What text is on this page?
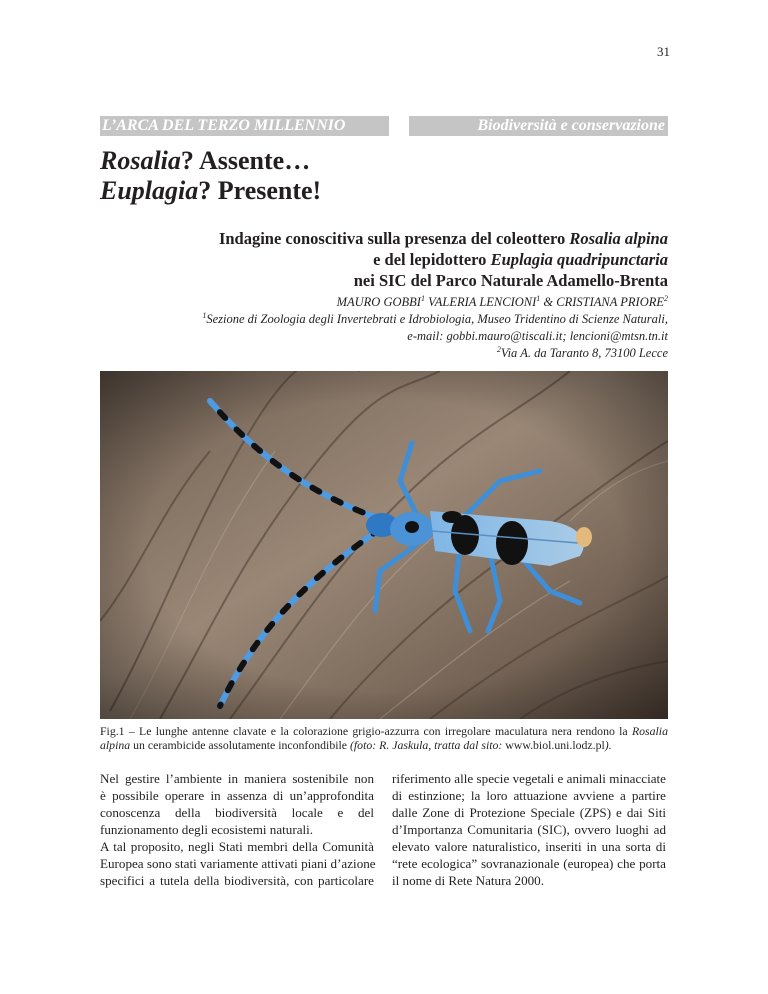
31
L’ARCA DEL TERZO MILLENNIO	Biodiversità e conservazione
Rosalia? Assente…
Euplagia? Presente!
Indagine conoscitiva sulla presenza del coleottero Rosalia alpina
e del lepidottero Euplagia quadripunctaria
nei SIC del Parco Naturale Adamello-Brenta
MAURO GOBBI$^1$ VALERIA LENCIONI$^1$ & CRISTIANA PRIORE$^2$
$^1$Sezione di Zoologia degli Invertebrati e Idrobiologia, Museo Tridentino di Scienze Naturali,
e-mail: gobbi.mauro@tiscali.it; lencioni@mtsn.tn.it
$^2$Via A. da Taranto 8, 73100 Lecce
Fig.1 – Le lunghe antenne clavate e la colorazione grigio-azzurra con irregolare maculatura nera rendono la Rosalia
alpina un cerambicide assolutamente inconfondibile (foto: R. Jaskula, tratta dal sito: www.biol.uni.lodz.pl).
Nel gestire l’ambiente in maniera sostenibile non
è possibile operare in assenza di un’approfondita
conoscenza della biodiversità locale e del
funzionamento degli ecosistemi naturali.
A tal proposito, negli Stati membri della Comunità
Europea sono stati variamente attivati piani d’azione
specifici a tutela della biodiversità, con particolare
riferimento alle specie vegetali e animali minacciate
di estinzione; la loro attuazione avviene a partire
dalle Zone di Protezione Speciale (ZPS) e dai Siti
d’Importanza Comunitaria (SIC), ovvero luoghi ad
elevato valore naturalistico, inseriti in una sorta di
“rete ecologica” sovranazionale (europea) che porta
il nome di Rete Natura 2000.
